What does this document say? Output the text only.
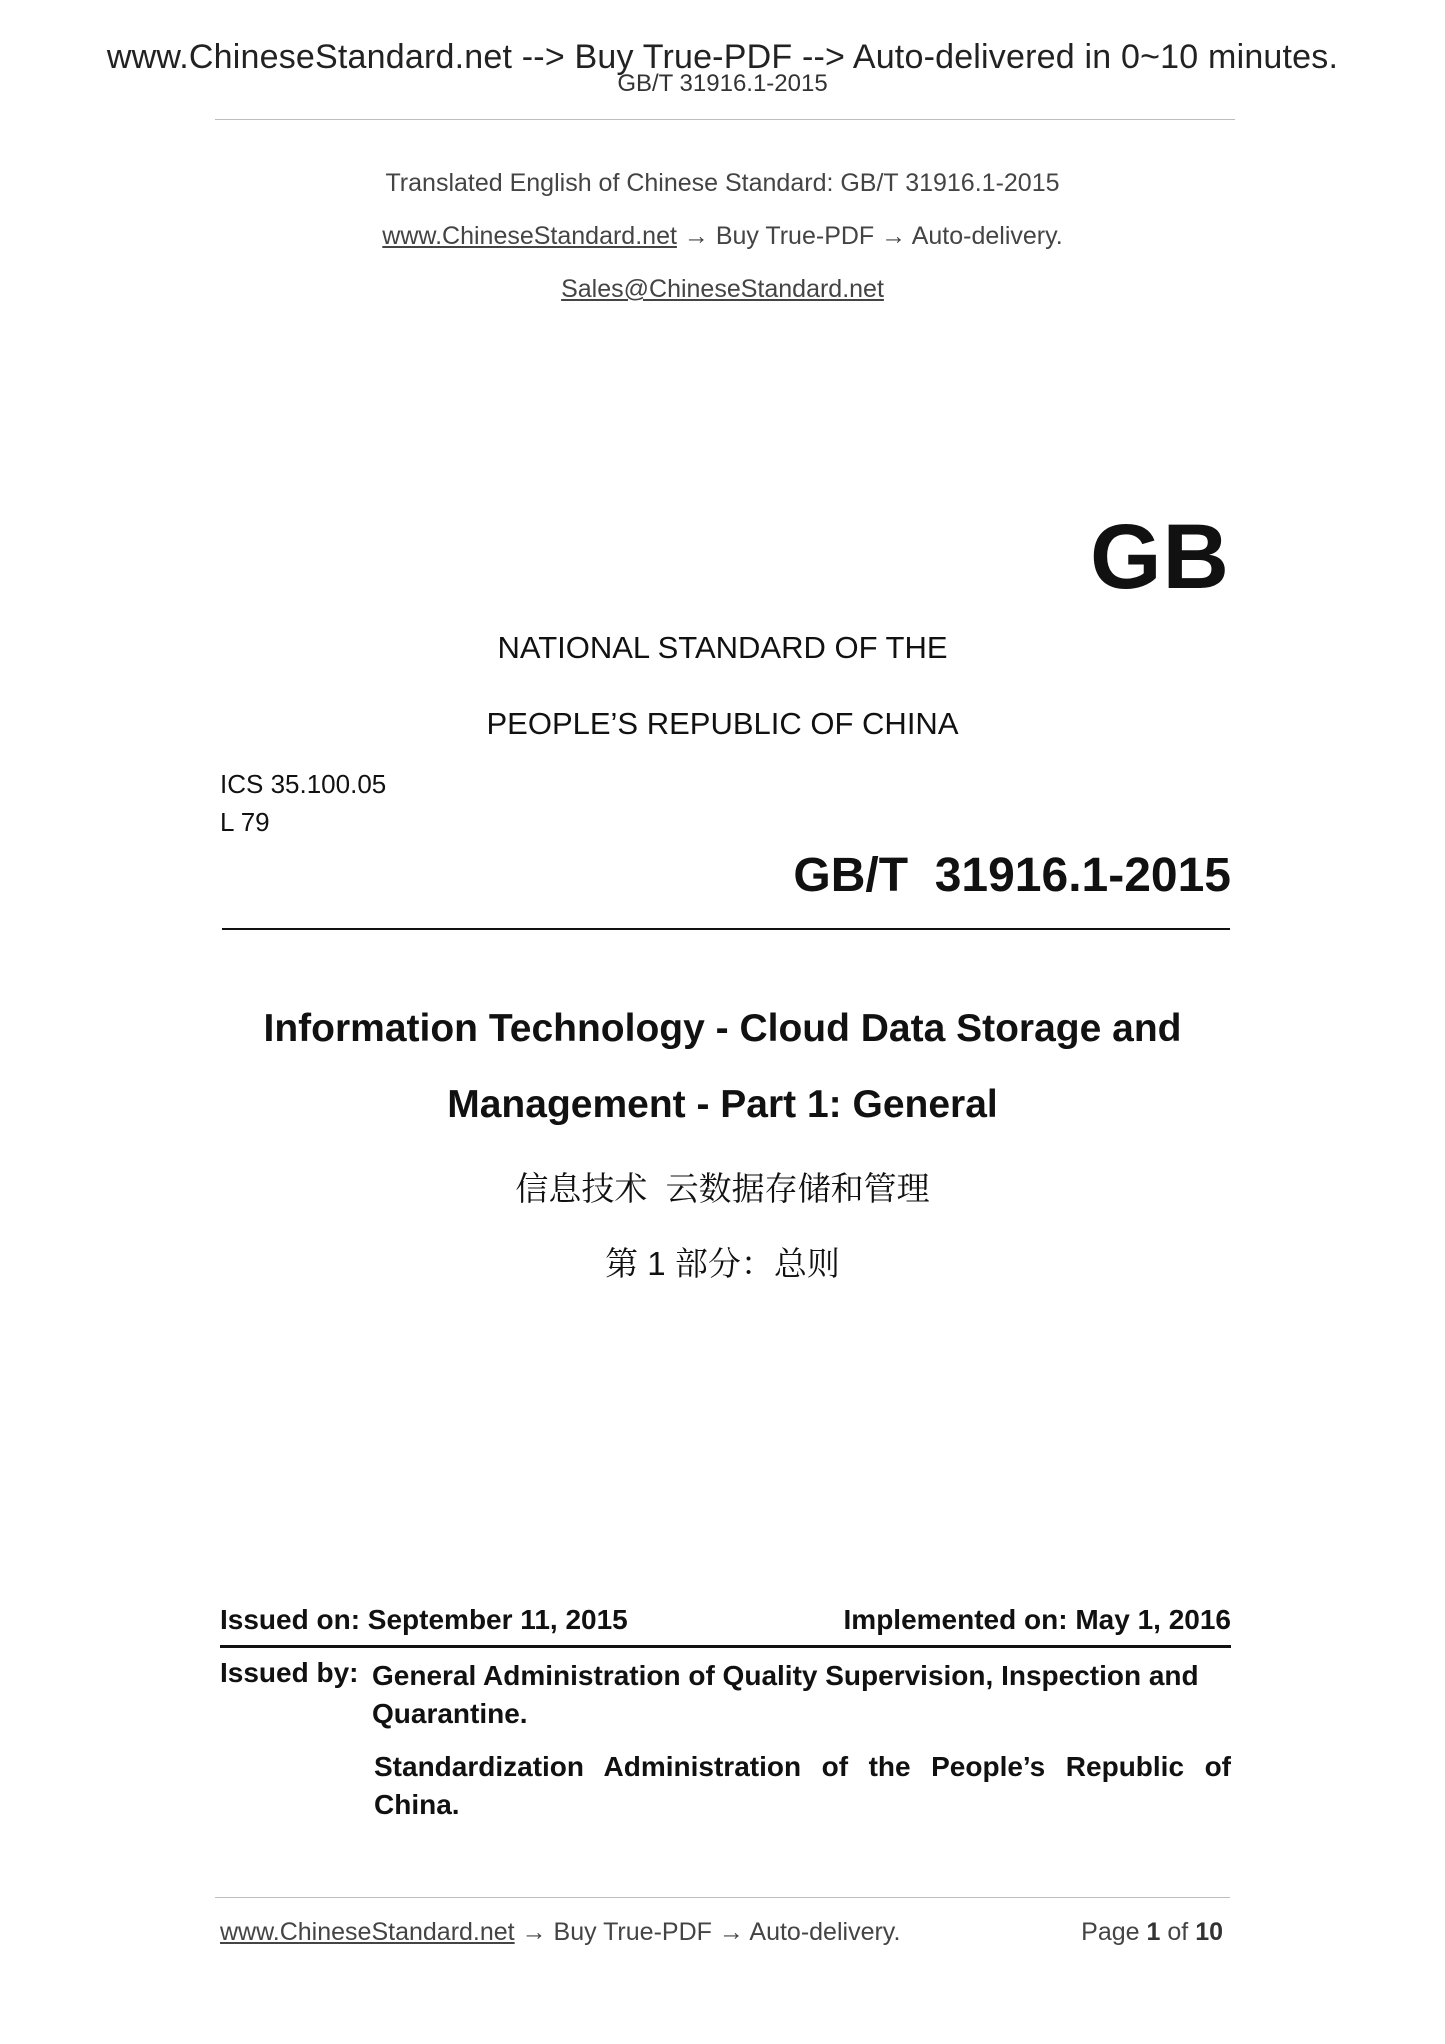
www.ChineseStandard.net --> Buy True-PDF --> Auto-delivered in 0~10 minutes.
GB/T 31916.1-2015
Translated English of Chinese Standard: GB/T 31916.1-2015
www.ChineseStandard.net → Buy True-PDF → Auto-delivery.
Sales@ChineseStandard.net
GB
NATIONAL STANDARD OF THE
PEOPLE’S REPUBLIC OF CHINA
ICS 35.100.05
L 79
GB/T  31916.1-2015
Information Technology - Cloud Data Storage and
Management - Part 1: General
信息技术  云数据存储和管理
第 1 部分：总则
Issued on: September 11, 2015	Implemented on: May 1, 2016
Issued by: General Administration of Quality Supervision, Inspection and
Quarantine.
Standardization Administration of the People’s Republic of China.
www.ChineseStandard.net → Buy True-PDF → Auto-delivery.	Page 1 of 10
